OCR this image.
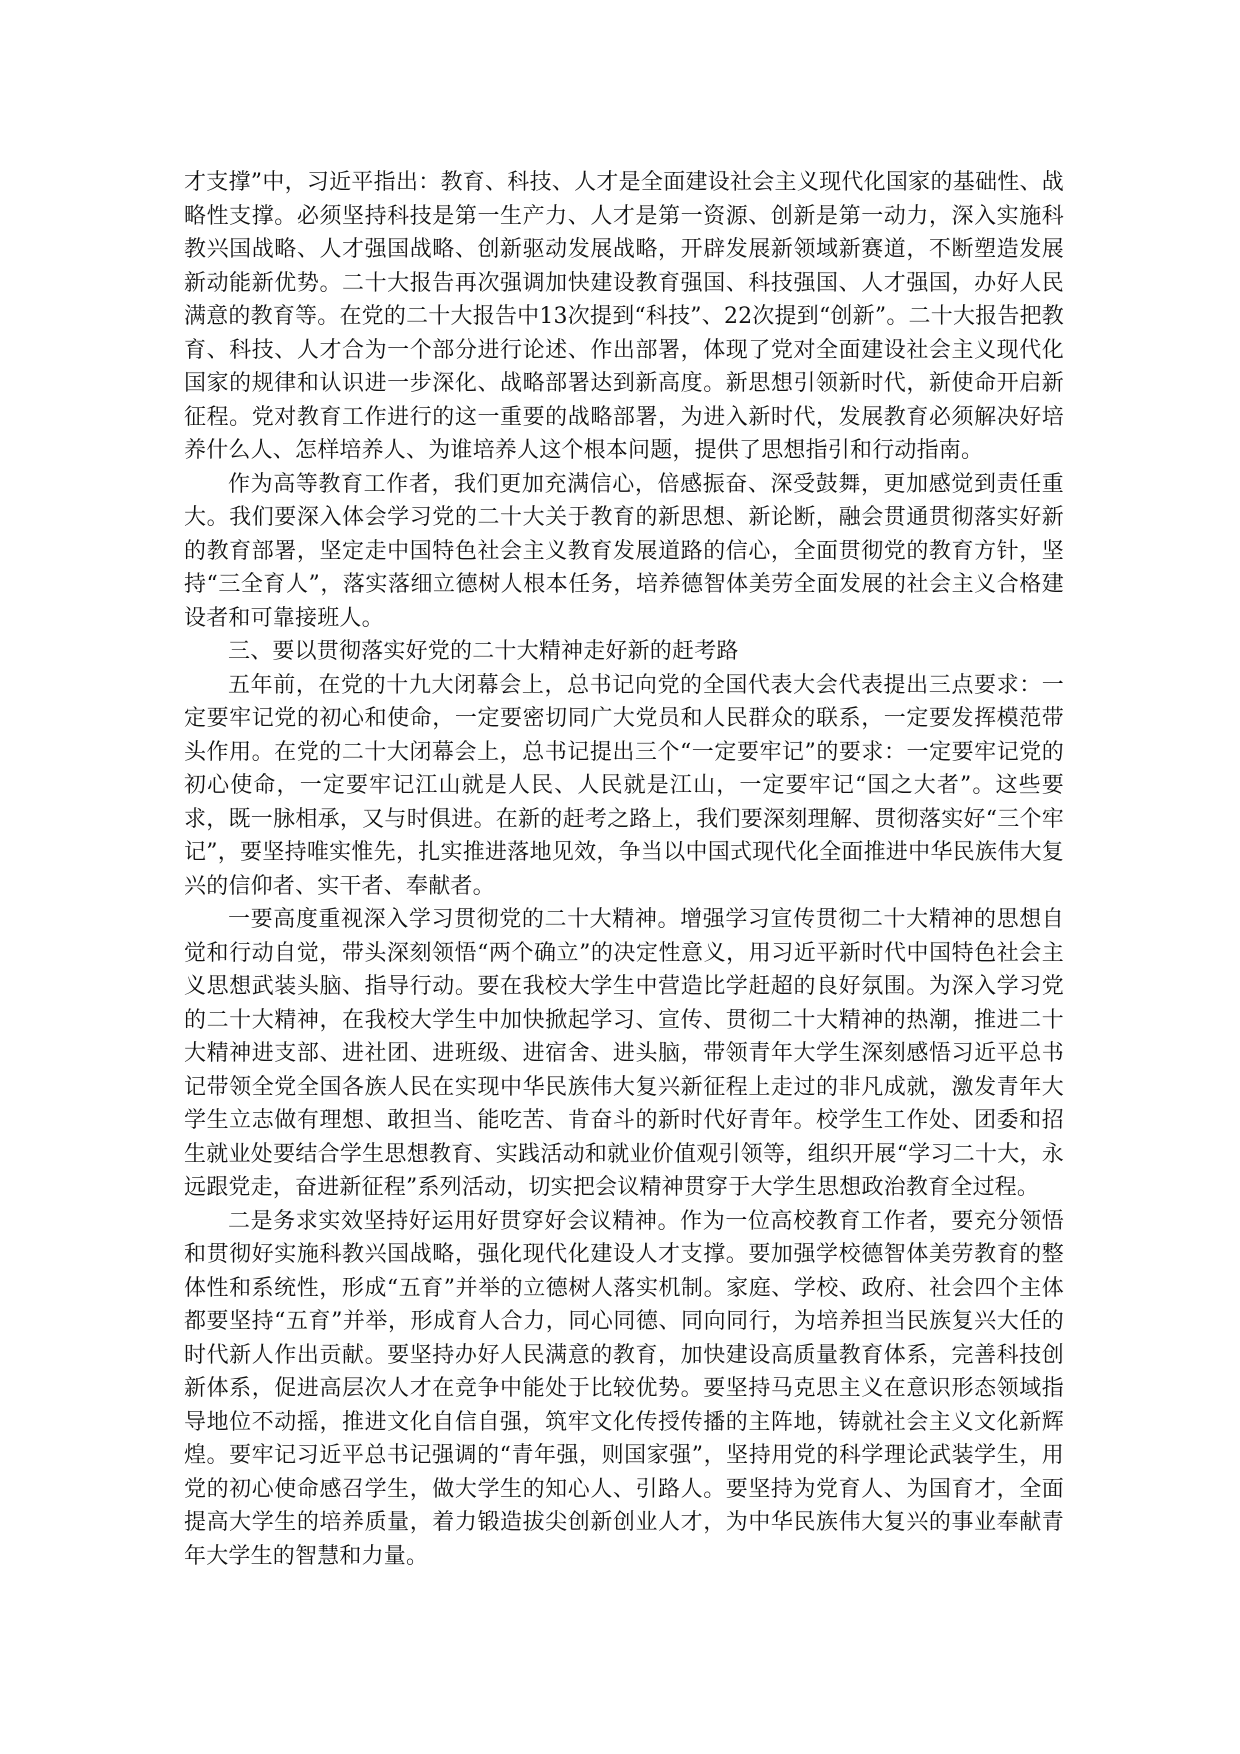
才支撑”中，习近平指出：教育、科技、人才是全面建设社会主义现代化国家的基础性、战略性支撑。必须坚持科技是第一生产力、人才是第一资源、创新是第一动力，深入实施科教兴国战略、人才强国战略、创新驱动发展战略，开辟发展新领域新赛道，不断塑造发展新动能新优势。二十大报告再次强调加快建设教育强国、科技强国、人才强国，办好人民满意的教育等。在党的二十大报告中13次提到“科技”、22次提到“创新”。二十大报告把教育、科技、人才合为一个部分进行论述、作出部署，体现了党对全面建设社会主义现代化国家的规律和认识进一步深化、战略部署达到新高度。新思想引领新时代，新使命开启新征程。党对教育工作进行的这一重要的战略部署，为进入新时代，发展教育必须解决好培养什么人、怎样培养人、为谁培养人这个根本问题，提供了思想指引和行动指南。

作为高等教育工作者，我们更加充满信心，倍感振奋、深受鼓舞，更加感觉到责任重大。我们要深入体会学习党的二十大关于教育的新思想、新论断，融会贯通贯彻落实好新的教育部署，坚定走中国特色社会主义教育发展道路的信心，全面贯彻党的教育方针，坚持“三全育人”，落实落细立德树人根本任务，培养德智体美劳全面发展的社会主义合格建设者和可靠接班人。

三、要以贯彻落实好党的二十大精神走好新的赶考路

五年前，在党的十九大闭幕会上，总书记向党的全国代表大会代表提出三点要求：一定要牢记党的初心和使命，一定要密切同广大党员和人民群众的联系，一定要发挥模范带头作用。在党的二十大闭幕会上，总书记提出三个“一定要牢记”的要求：一定要牢记党的初心使命，一定要牢记江山就是人民、人民就是江山，一定要牢记“国之大者”。这些要求，既一脉相承，又与时俱进。在新的赶考之路上，我们要深刻理解、贯彻落实好“三个牢记”，要坚持唯实惟先，扎实推进落地见效，争当以中国式现代化全面推进中华民族伟大复兴的信仰者、实干者、奉献者。

一要高度重视深入学习贯彻党的二十大精神。增强学习宣传贯彻二十大精神的思想自觉和行动自觉，带头深刻领悟“两个确立”的决定性意义，用习近平新时代中国特色社会主义思想武装头脑、指导行动。要在我校大学生中营造比学赶超的良好氛围。为深入学习党的二十大精神，在我校大学生中加快掀起学习、宣传、贯彻二十大精神的热潮，推进二十大精神进支部、进社团、进班级、进宿舍、进头脑，带领青年大学生深刻感悟习近平总书记带领全党全国各族人民在实现中华民族伟大复兴新征程上走过的非凡成就，激发青年大学生立志做有理想、敢担当、能吃苦、肯奋斗的新时代好青年。校学生工作处、团委和招生就业处要结合学生思想教育、实践活动和就业价值观引领等，组织开展“学习二十大，永远跟党走，奋进新征程”系列活动，切实把会议精神贯穿于大学生思想政治教育全过程。

二是务求实效坚持好运用好贯穿好会议精神。作为一位高校教育工作者，要充分领悟和贯彻好实施科教兴国战略，强化现代化建设人才支撑。要加强学校德智体美劳教育的整体性和系统性，形成“五育”并举的立德树人落实机制。家庭、学校、政府、社会四个主体都要坚持“五育”并举，形成育人合力，同心同德、同向同行，为培养担当民族复兴大任的时代新人作出贡献。要坚持办好人民满意的教育，加快建设高质量教育体系，完善科技创新体系，促进高层次人才在竞争中能处于比较优势。要坚持马克思主义在意识形态领域指导地位不动摇，推进文化自信自强，筑牢文化传授传播的主阵地，铸就社会主义文化新辉煌。要牢记习近平总书记强调的“青年强，则国家强”，坚持用党的科学理论武装学生，用党的初心使命感召学生，做大学生的知心人、引路人。要坚持为党育人、为国育才，全面提高大学生的培养质量，着力锻造拔尖创新创业人才，为中华民族伟大复兴的事业奉献青年大学生的智慧和力量。
